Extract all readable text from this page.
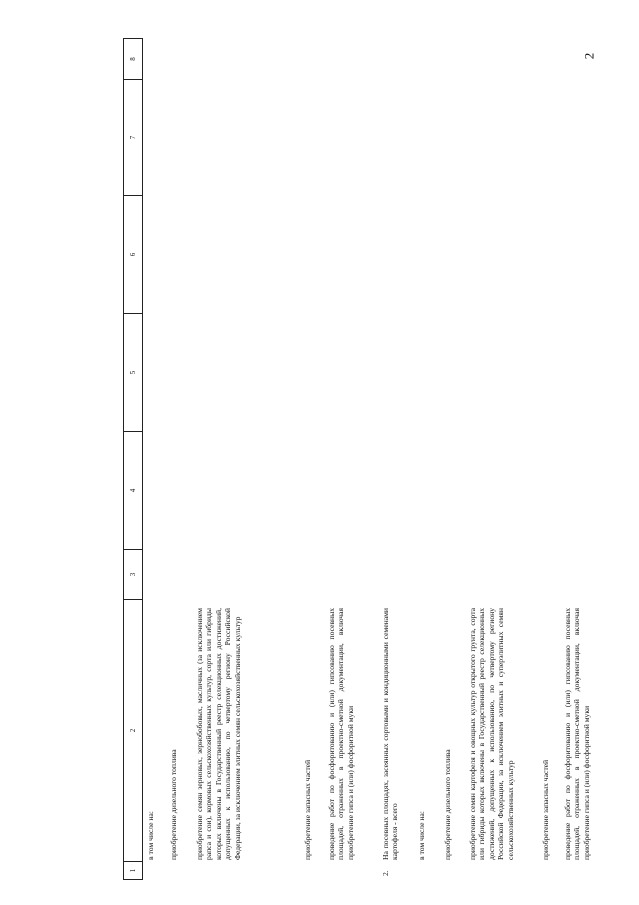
2
1
2
3
4
5
6
7
8
в том числе на: приобретение дизельного топлива приобретение семян зерновых, зернобобовых, масличных (за исключением рапса и сои), кормовых сельскохозяйственных культур, сорта или гибриды которых включены в Государственный реестр селекционных достижений, допущенных к использованию, по четвертому региону Российской Федерации, за исключением элитных семян сельскохозяйственных культур	приобретение запасных частей проведение работ по фосфоритованию и (или) гипсованию посевных площадей, отраженных в проектно-сметной документации, включая приобретение гипса и (или) фосфоритной муки
2.
На посевных площадях, засеянных сортовыми и кондиционными семенами картофеля - всего в том числе на: приобретение дизельного топлива приобретение семян картофеля и овощных культур открытого грунта, сорта или гибриды которых включены в Государственный реестр селекционных достижений, допущенных к использованию, по четвертому региону Российской Федерации, за исключением элитных и суперэлитных семян сельскохозяйственных культур	приобретение запасных частей проведение работ по фосфоритованию и (или) гипсованию посевных площадей, отраженных в проектно-сметной документации, включая приобретение гипса и (или) фосфоритной муки
